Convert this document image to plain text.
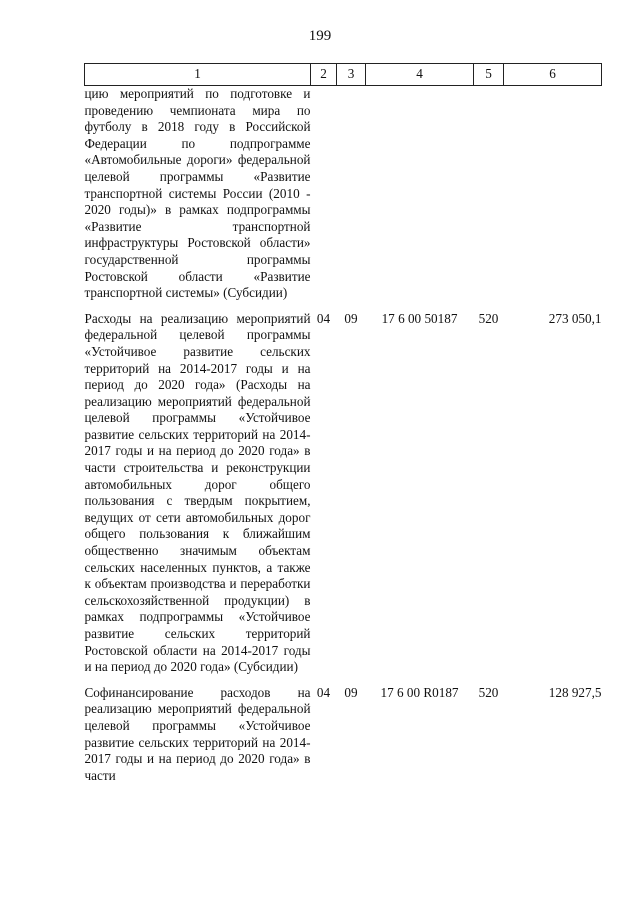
199
1	2	3	4	5	6
цию мероприятий по подготовке и проведению чемпионата мира по футболу в 2018 году в Российской Федерации по подпрограмме «Автомобильные дороги» федеральной целевой программы «Развитие транспортной системы России (2010 - 2020 годы)» в рамках подпрограммы «Развитие транспортной инфраструктуры Ростовской области» государственной программы Ростовской области «Развитие транспортной системы» (Субсидии)					

Расходы на реализацию мероприятий федеральной целевой программы «Устойчивое развитие сельских территорий на 2014-2017 годы и на период до 2020 года» (Расходы на реализацию мероприятий федеральной целевой программы «Устойчивое развитие сельских территорий на 2014-2017 годы и на период до 2020 года» в части строительства и реконструкции автомобильных дорог общего пользования с твердым покрытием, ведущих от сети автомобильных дорог общего пользования к ближайшим общественно значимым объектам сельских населенных пунктов, а также к объектам производства и переработки сельскохозяйственной продукции) в рамках подпрограммы «Устойчивое развитие сельских территорий Ростовской области на 2014-2017 годы и на период до 2020 года» (Субсидии)	04	09	17 6 00 50187	520	273 050,1

Софинансирование расходов на реализацию мероприятий федеральной целевой программы «Устойчивое развитие сельских территорий на 2014-2017 годы и на период до 2020 года» в части	04	09	17 6 00 R0187	520	128 927,5
